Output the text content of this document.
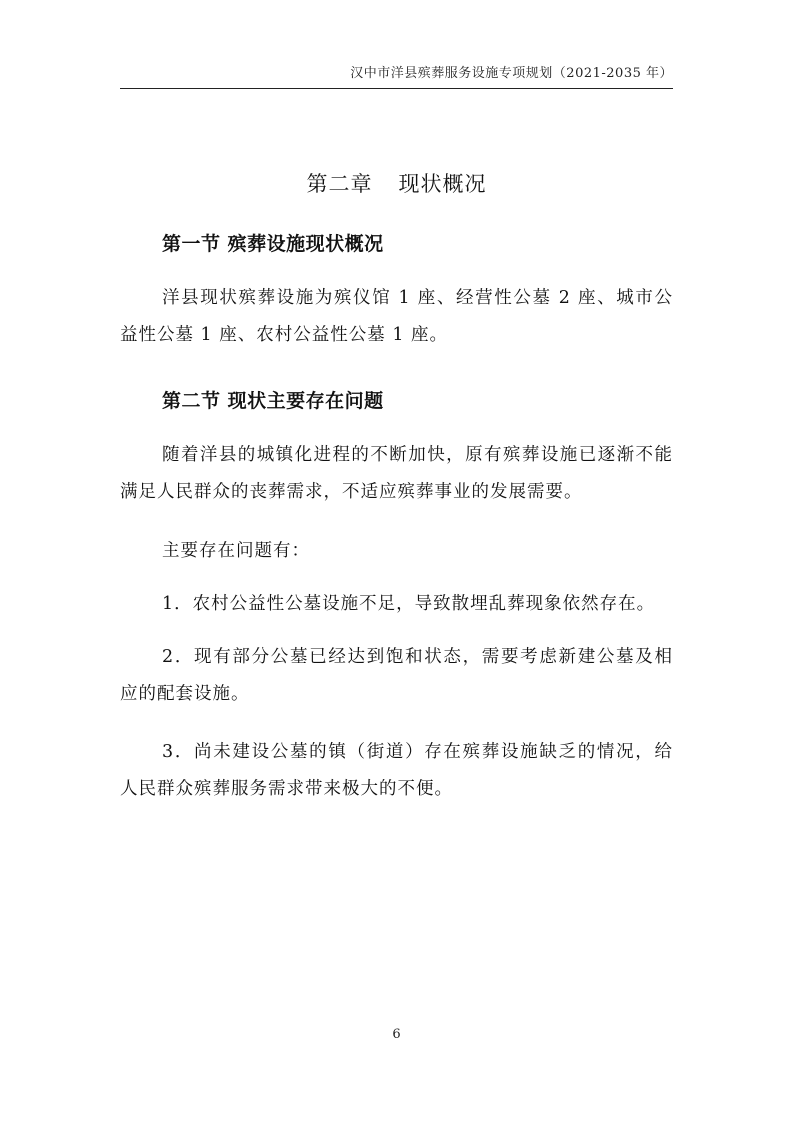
汉中市洋县殡葬服务设施专项规划（2021-2035 年）
第二章 现状概况
第一节 殡葬设施现状概况
洋县现状殡葬设施为殡仪馆 1 座、经营性公墓 2 座、城市公益性公墓 1 座、农村公益性公墓 1 座。
第二节 现状主要存在问题
随着洋县的城镇化进程的不断加快，原有殡葬设施已逐渐不能满足人民群众的丧葬需求，不适应殡葬事业的发展需要。
主要存在问题有：
1．农村公益性公墓设施不足，导致散埋乱葬现象依然存在。
2．现有部分公墓已经达到饱和状态，需要考虑新建公墓及相应的配套设施。
3．尚未建设公墓的镇（街道）存在殡葬设施缺乏的情况，给人民群众殡葬服务需求带来极大的不便。
6
